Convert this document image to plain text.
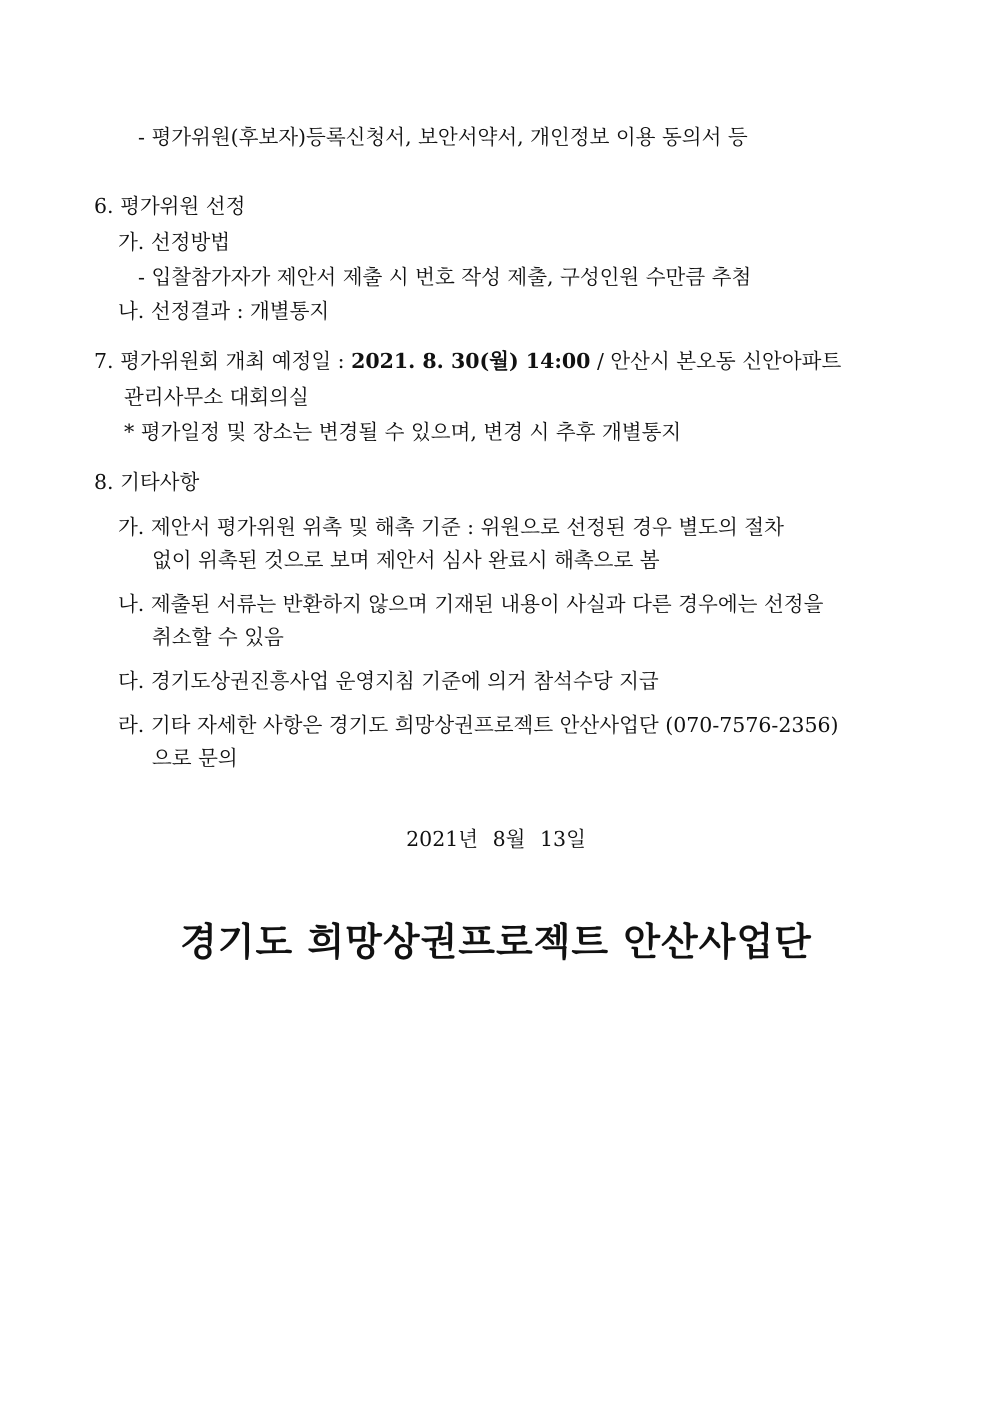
- 평가위원(후보자)등록신청서, 보안서약서, 개인정보 이용 동의서 등
6. 평가위원 선정
가. 선정방법
- 입찰참가자가 제안서 제출 시 번호 작성 제출, 구성인원 수만큼 추첨
나. 선정결과 : 개별통지
7. 평가위원회 개최 예정일 : 2021. 8. 30(월) 14:00 / 안산시 본오동 신안아파트
관리사무소 대회의실
* 평가일정 및 장소는 변경될 수 있으며, 변경 시 추후 개별통지
8. 기타사항
가. 제안서 평가위원 위촉 및 해촉 기준 : 위원으로 선정된 경우 별도의 절차
없이 위촉된 것으로 보며 제안서 심사 완료시 해촉으로 봄
나. 제출된 서류는 반환하지 않으며 기재된 내용이 사실과 다른 경우에는 선정을
취소할 수 있음
다. 경기도상권진흥사업 운영지침 기준에 의거 참석수당 지급
라. 기타 자세한 사항은 경기도 희망상권프로젝트 안산사업단 (070-7576-2356)
으로 문의
2021년 8월 13일
경기도 희망상권프로젝트 안산사업단
